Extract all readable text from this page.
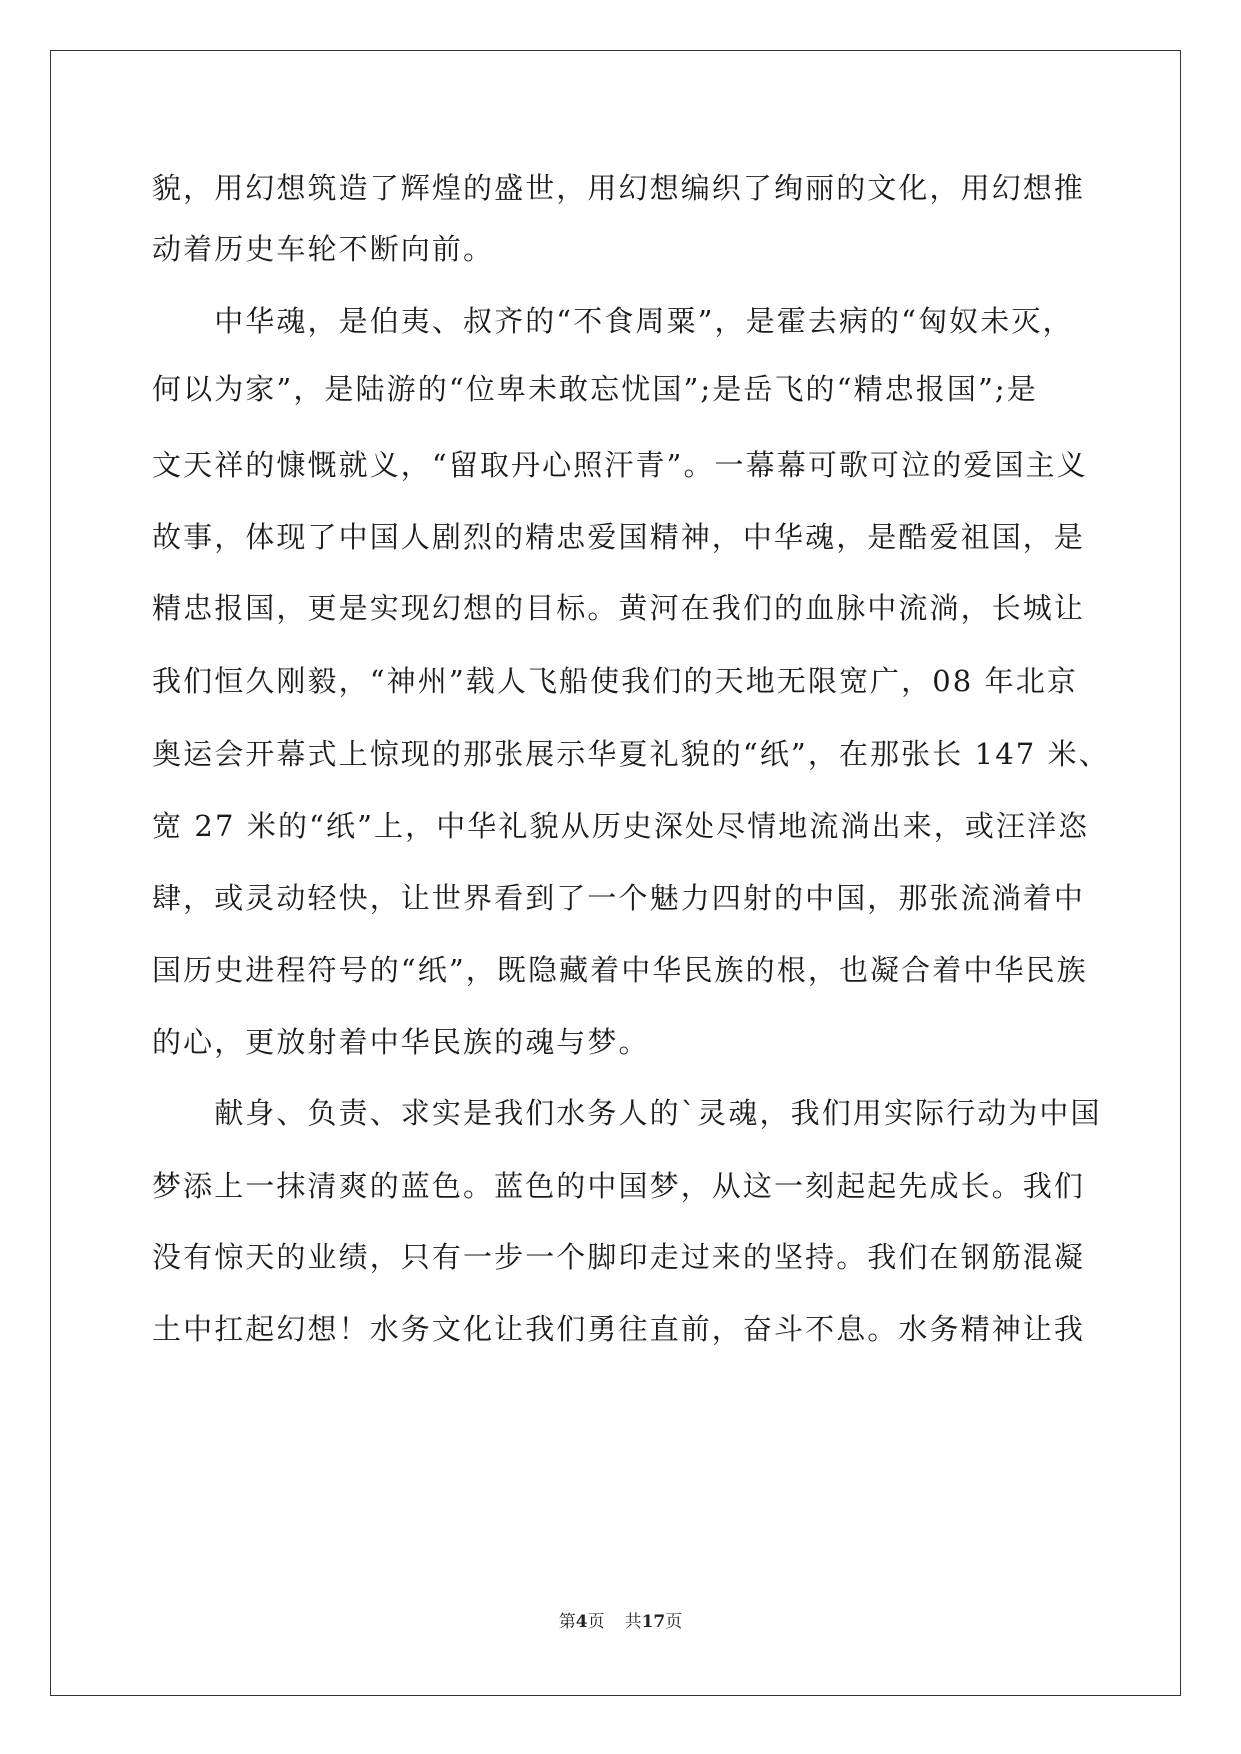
貌，用幻想筑造了辉煌的盛世，用幻想编织了绚丽的文化，用幻想推
动着历史车轮不断向前。
　　中华魂，是伯夷、叔齐的“不食周粟”，是霍去病的“匈奴未灭，
何以为家”，是陆游的“位卑未敢忘忧国”;是岳飞的“精忠报国”;是
文天祥的慷慨就义，“留取丹心照汗青”。一幕幕可歌可泣的爱国主义
故事，体现了中国人剧烈的精忠爱国精神，中华魂，是酷爱祖国，是
精忠报国，更是实现幻想的目标。黄河在我们的血脉中流淌，长城让
我们恒久刚毅，“神州”载人飞船使我们的天地无限宽广，08 年北京
奥运会开幕式上惊现的那张展示华夏礼貌的“纸”，在那张长 147 米、
宽 27 米的“纸”上，中华礼貌从历史深处尽情地流淌出来，或汪洋恣
肆，或灵动轻快，让世界看到了一个魅力四射的中国，那张流淌着中
国历史进程符号的“纸”，既隐藏着中华民族的根，也凝合着中华民族
的心，更放射着中华民族的魂与梦。
　　献身、负责、求实是我们水务人的`灵魂，我们用实际行动为中国
梦添上一抹清爽的蓝色。蓝色的中国梦，从这一刻起起先成长。我们
没有惊天的业绩，只有一步一个脚印走过来的坚持。我们在钢筋混凝
土中扛起幻想！水务文化让我们勇往直前，奋斗不息。水务精神让我
第4页 共17页
